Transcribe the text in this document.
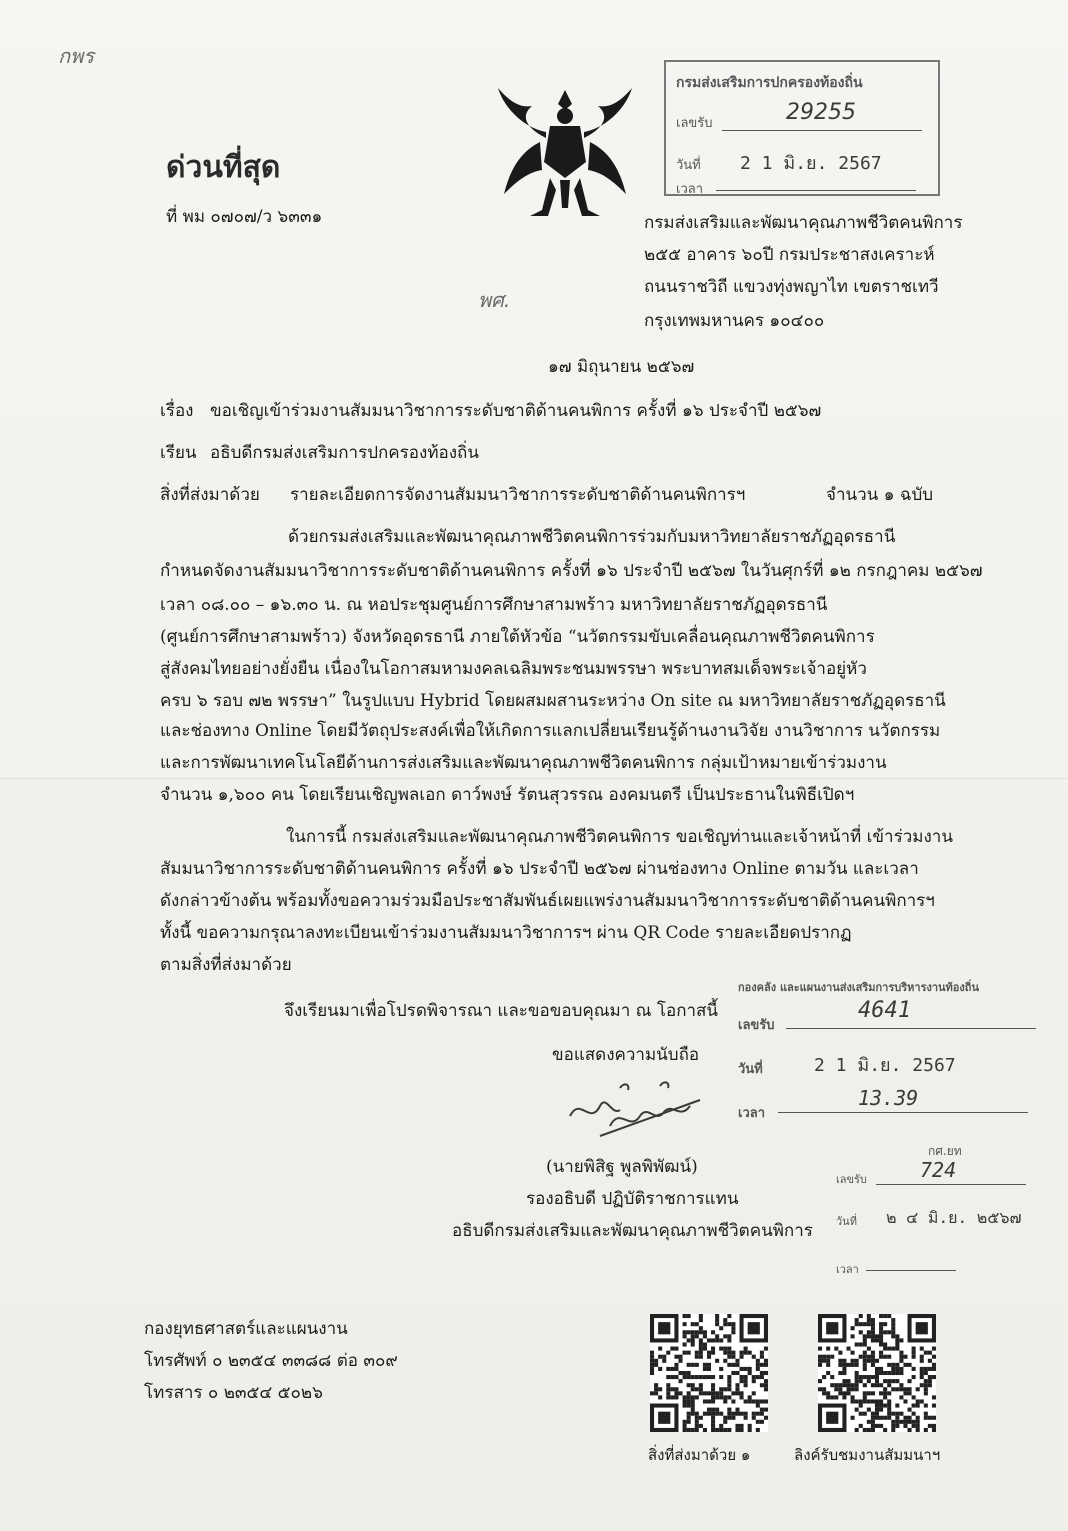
กพร
ด่วนที่สุด
ที่ พม ๐๗๐๗/ว ๖๓๓๑
กรมส่งเสริมการปกครองท้องถิ่น
เลขรับ	29255
วันที่ 2 1 มิ.ย. 2567
เวลา
กรมส่งเสริมและพัฒนาคุณภาพชีวิตคนพิการ
๒๕๕ อาคาร ๖๐ปี กรมประชาสงเคราะห์
ถนนราชวิถี แขวงทุ่งพญาไท เขตราชเทวี
กรุงเทพมหานคร ๑๐๔๐๐
พศ.
๑๗ มิถุนายน ๒๕๖๗
เรื่อง ขอเชิญเข้าร่วมงานสัมมนาวิชาการระดับชาติด้านคนพิการ ครั้งที่ ๑๖ ประจำปี ๒๕๖๗
เรียน อธิบดีกรมส่งเสริมการปกครองท้องถิ่น
สิ่งที่ส่งมาด้วย รายละเอียดการจัดงานสัมมนาวิชาการระดับชาติด้านคนพิการฯ	จำนวน ๑ ฉบับ
ด้วยกรมส่งเสริมและพัฒนาคุณภาพชีวิตคนพิการร่วมกับมหาวิทยาลัยราชภัฏอุดรธานี
กำหนดจัดงานสัมมนาวิชาการระดับชาติด้านคนพิการ ครั้งที่ ๑๖ ประจำปี ๒๕๖๗ ในวันศุกร์ที่ ๑๒ กรกฎาคม ๒๕๖๗
เวลา ๐๘.๐๐ – ๑๖.๓๐ น. ณ หอประชุมศูนย์การศึกษาสามพร้าว มหาวิทยาลัยราชภัฏอุดรธานี
(ศูนย์การศึกษาสามพร้าว) จังหวัดอุดรธานี ภายใต้หัวข้อ “นวัตกรรมขับเคลื่อนคุณภาพชีวิตคนพิการ
สู่สังคมไทยอย่างยั่งยืน เนื่องในโอกาสมหามงคลเฉลิมพระชนมพรรษา พระบาทสมเด็จพระเจ้าอยู่หัว
ครบ ๖ รอบ ๗๒ พรรษา” ในรูปแบบ Hybrid โดยผสมผสานระหว่าง On site ณ มหาวิทยาลัยราชภัฏอุดรธานี
และช่องทาง Online โดยมีวัตถุประสงค์เพื่อให้เกิดการแลกเปลี่ยนเรียนรู้ด้านงานวิจัย งานวิชาการ นวัตกรรม
และการพัฒนาเทคโนโลยีด้านการส่งเสริมและพัฒนาคุณภาพชีวิตคนพิการ กลุ่มเป้าหมายเข้าร่วมงาน
จำนวน ๑,๖๐๐ คน โดยเรียนเชิญพลเอก ดาว์พงษ์ รัตนสุวรรณ องคมนตรี เป็นประธานในพิธีเปิดฯ
ในการนี้ กรมส่งเสริมและพัฒนาคุณภาพชีวิตคนพิการ ขอเชิญท่านและเจ้าหน้าที่ เข้าร่วมงาน
สัมมนาวิชาการระดับชาติด้านคนพิการ ครั้งที่ ๑๖ ประจำปี ๒๕๖๗ ผ่านช่องทาง Online ตามวัน และเวลา
ดังกล่าวข้างต้น พร้อมทั้งขอความร่วมมือประชาสัมพันธ์เผยแพร่งานสัมมนาวิชาการระดับชาติด้านคนพิการฯ
ทั้งนี้ ขอความกรุณาลงทะเบียนเข้าร่วมงานสัมมนาวิชาการฯ ผ่าน QR Code รายละเอียดปรากฏ
ตามสิ่งที่ส่งมาด้วย
จึงเรียนมาเพื่อโปรดพิจารณา และขอขอบคุณมา ณ โอกาสนี้
ขอแสดงความนับถือ
(นายพิสิฐ พูลพิพัฒน์)
รองอธิบดี ปฏิบัติราชการแทน
อธิบดีกรมส่งเสริมและพัฒนาคุณภาพชีวิตคนพิการ
กองคลัง และแผนงานส่งเสริมการบริหารงานท้องถิ่น
เลขรับ
4641
วันที่	2 1 มิ.ย. 2567
เวลา
13.39
กศ.ยท
เลขรับ	724
วันที่ ๒ ๔ มิ.ย. ๒๕๖๗
เวลา
กองยุทธศาสตร์และแผนงาน
โทรศัพท์ ๐ ๒๓๕๔ ๓๓๘๘ ต่อ ๓๐๙
โทรสาร ๐ ๒๓๕๔ ๕๐๒๖
สิ่งที่ส่งมาด้วย ๑	ลิงค์รับชมงานสัมมนาฯ
